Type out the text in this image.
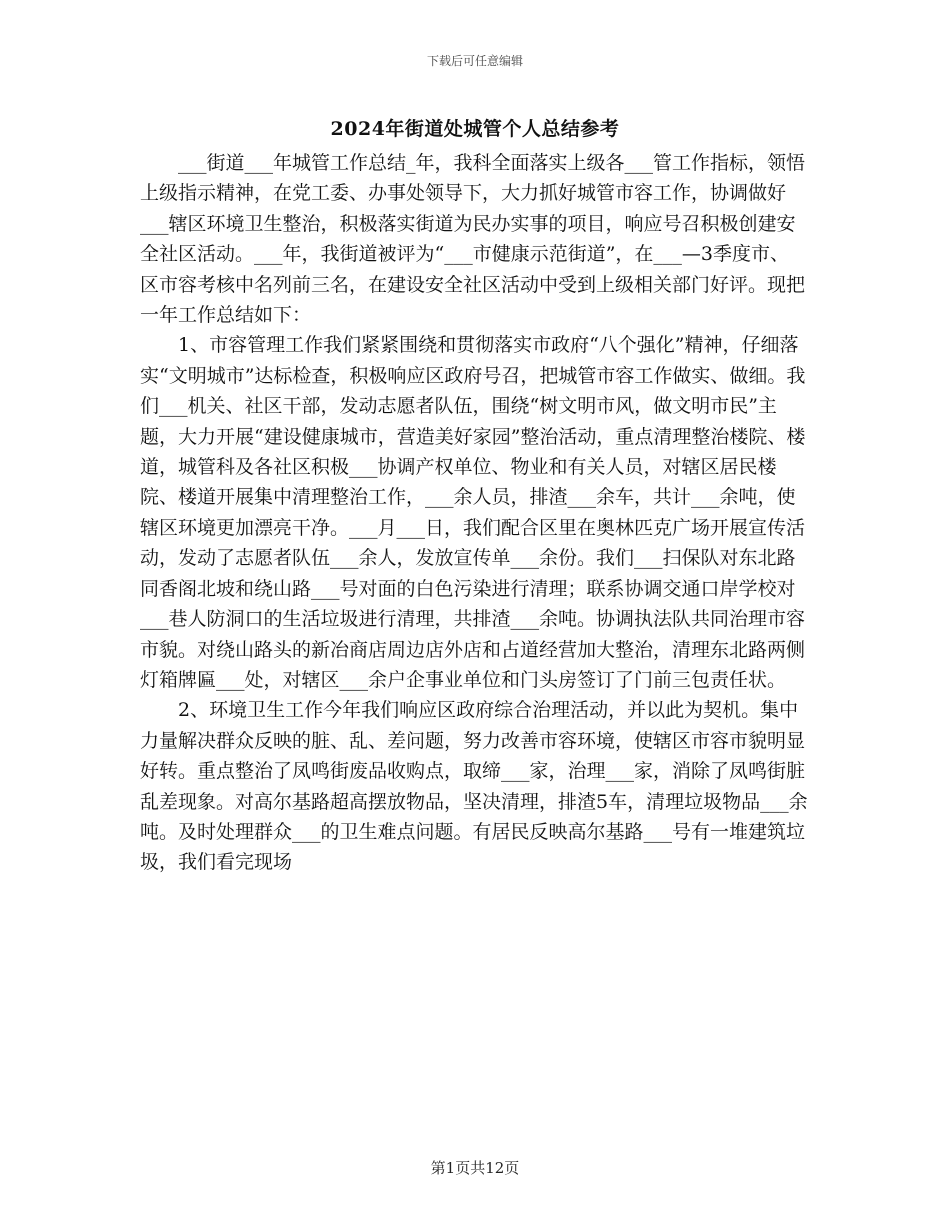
下载后可任意编辑
2024年街道处城管个人总结参考

___街道___年城管工作总结_年，我科全面落实上级各___管工作指标，领悟上级指示精神，在党工委、办事处领导下，大力抓好城管市容工作，协调做好___辖区环境卫生整治，积极落实街道为民办实事的项目，响应号召积极创建安全社区活动。___年，我街道被评为“___市健康示范街道”，在___—3季度市、区市容考核中名列前三名，在建设安全社区活动中受到上级相关部门好评。现把一年工作总结如下：

1、市容管理工作我们紧紧围绕和贯彻落实市政府“八个强化”精神，仔细落实“文明城市”达标检查，积极响应区政府号召，把城管市容工作做实、做细。我们___机关、社区干部，发动志愿者队伍，围绕“树文明市风，做文明市民”主题，大力开展“建设健康城市，营造美好家园”整治活动，重点清理整治楼院、楼道，城管科及各社区积极___协调产权单位、物业和有关人员，对辖区居民楼院、楼道开展集中清理整治工作，___余人员，排渣___余车，共计___余吨，使辖区环境更加漂亮干净。___月___日，我们配合区里在奥林匹克广场开展宣传活动，发动了志愿者队伍___余人，发放宣传单___余份。我们___扫保队对东北路同香阁北坡和绕山路___号对面的白色污染进行清理；联系协调交通口岸学校对___巷人防洞口的生活垃圾进行清理，共排渣___余吨。协调执法队共同治理市容市貌。对绕山路头的新冶商店周边店外店和占道经营加大整治，清理东北路两侧灯箱牌匾___处，对辖区___余户企事业单位和门头房签订了门前三包责任状。

2、环境卫生工作今年我们响应区政府综合治理活动，并以此为契机。集中力量解决群众反映的脏、乱、差问题，努力改善市容环境，使辖区市容市貌明显好转。重点整治了凤鸣街废品收购点，取缔___家，治理___家，消除了凤鸣街脏乱差现象。对高尔基路超高摆放物品，坚决清理，排渣5车，清理垃圾物品___余吨。及时处理群众___的卫生难点问题。有居民反映高尔基路___号有一堆建筑垃圾，我们看完现场

第1页共12页
